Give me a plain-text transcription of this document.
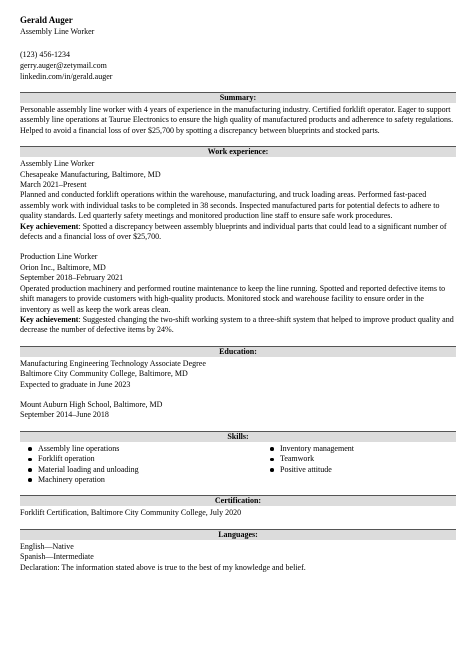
Gerald Auger
Assembly Line Worker
(123) 456-1234
gerry.auger@zetymail.com
linkedin.com/in/gerald.auger
Summary:

Personable assembly line worker with 4 years of experience in the manufacturing industry. Certified forklift operator. Eager to support assembly line operations at Taurue Electronics to ensure the high quality of manufactured products and adherence to safety regulations. Helped to avoid a financial loss of over $25,700 by spotting a discrepancy between blueprints and stocked parts.

Work experience:
Assembly Line Worker
Chesapeake Manufacturing, Baltimore, MD
March 2021–Present

Planned and conducted forklift operations within the warehouse, manufacturing, and truck loading areas. Performed fast-paced assembly work with individual tasks to be completed in 38 seconds. Inspected manufactured parts for potential defects to adhere to quality standards. Led quarterly safety meetings and monitored production line staff to ensure safe work procedures.

Key achievement: Spotted a discrepancy between assembly blueprints and individual parts that could lead to a significant number of defects and a financial loss of over $25,700.

Production Line Worker
Orion Inc., Baltimore, MD
September 2018–February 2021

Operated production machinery and performed routine maintenance to keep the line running. Spotted and reported defective items to shift managers to provide customers with high-quality products. Monitored stock and warehouse facility to ensure order in the inventory as well as keep the work areas clean.

Key achievement: Suggested changing the two-shift working system to a three-shift system that helped to improve product quality and decrease the number of defective items by 24%.

Education:
Manufacturing Engineering Technology Associate Degree
Baltimore City Community College, Baltimore, MD
Expected to graduate in June 2023
Mount Auburn High School, Baltimore, MD
September 2014–June 2018
Skills:
Assembly line operations
Forklift operation
Material loading and unloading
Machinery operation
Inventory management
Teamwork
Positive attitude
Certification:
Forklift Certification, Baltimore City Community College, July 2020
Languages:
English—Native
Spanish—Intermediate
Declaration: The information stated above is true to the best of my knowledge and belief.
